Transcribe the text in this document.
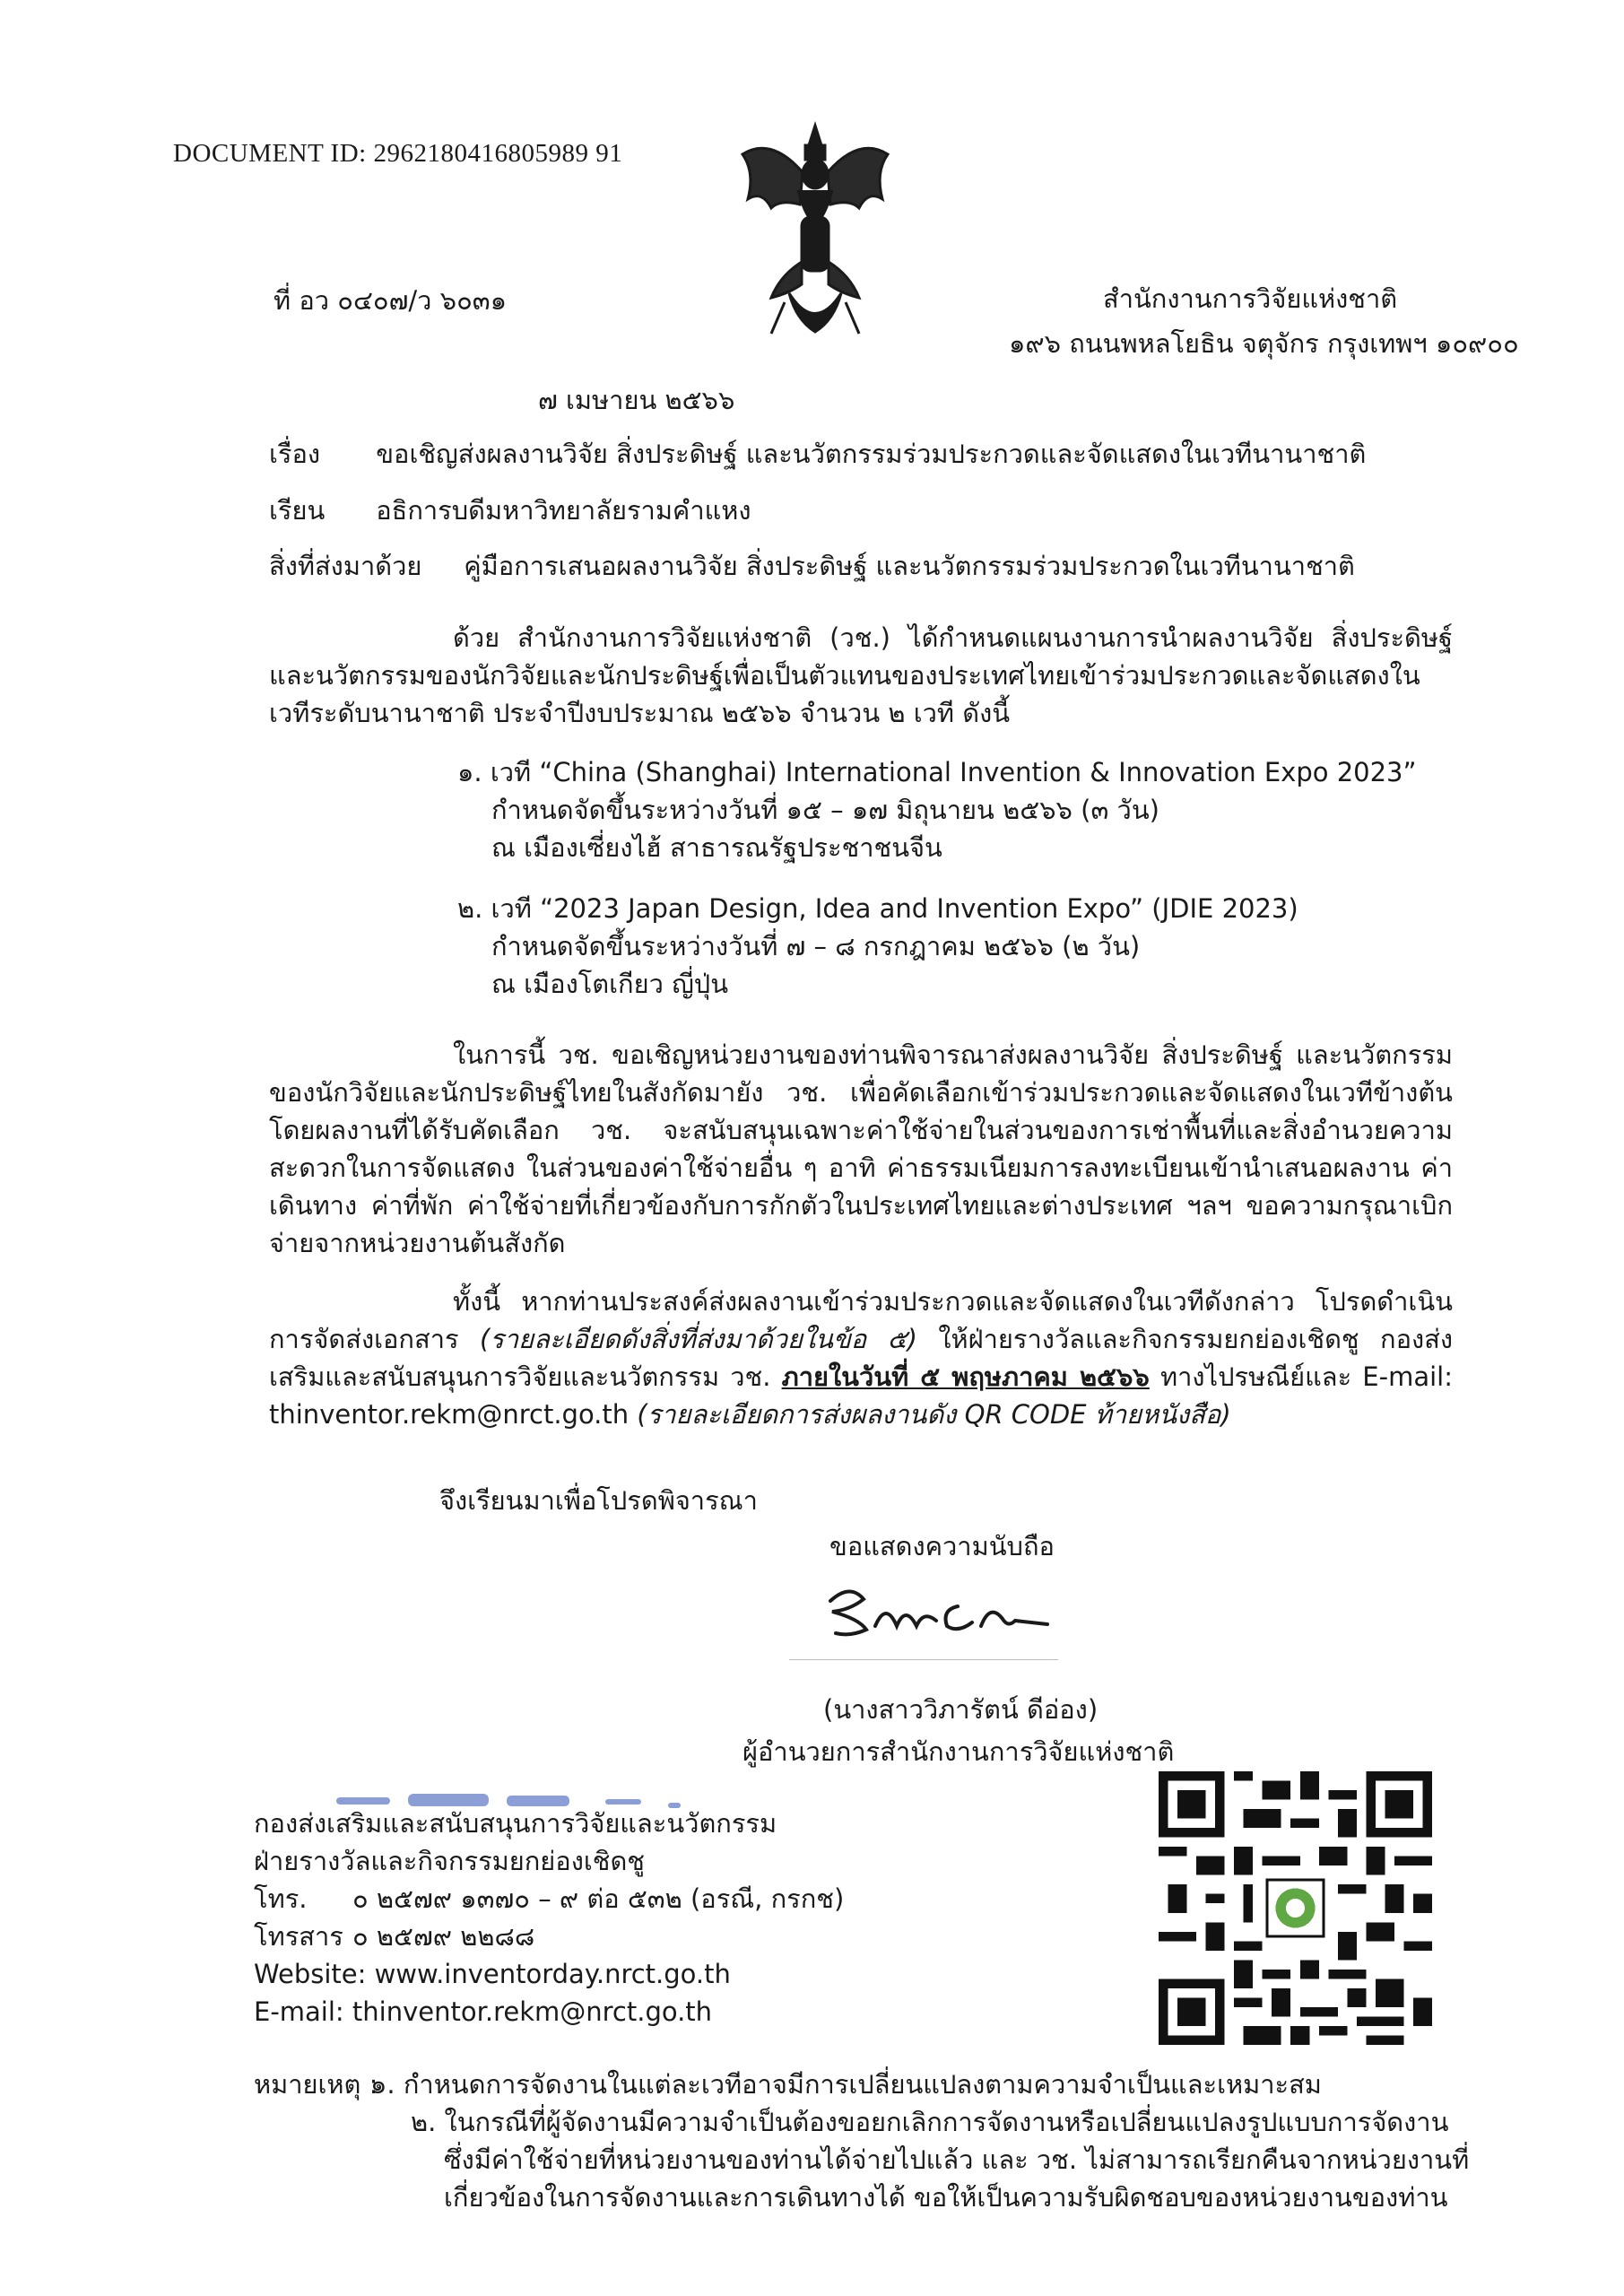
DOCUMENT ID: 2962180416805989 91
ที่ อว ๐๔๐๗/ว ๖๐๓๑	สำนักงานการวิจัยแห่งชาติ
๑๙๖ ถนนพหลโยธิน จตุจักร กรุงเทพฯ ๑๐๙๐๐
๗ เมษายน ๒๕๖๖
เรื่อง ขอเชิญส่งผลงานวิจัย สิ่งประดิษฐ์ และนวัตกรรมร่วมประกวดและจัดแสดงในเวทีนานาชาติ
เรียน อธิการบดีมหาวิทยาลัยรามคำแหง
สิ่งที่ส่งมาด้วย คู่มือการเสนอผลงานวิจัย สิ่งประดิษฐ์ และนวัตกรรมร่วมประกวดในเวทีนานาชาติ
ด้วย สำนักงานการวิจัยแห่งชาติ (วช.) ได้กำหนดแผนงานการนำผลงานวิจัย สิ่งประดิษฐ์ และนวัตกรรมของนักวิจัยและนักประดิษฐ์เพื่อเป็นตัวแทนของประเทศไทยเข้าร่วมประกวดและจัดแสดงในเวทีระดับนานาชาติ ประจำปีงบประมาณ ๒๕๖๖ จำนวน ๒ เวที ดังนี้
๑. เวที “China (Shanghai) International Invention & Innovation Expo 2023”
กำหนดจัดขึ้นระหว่างวันที่ ๑๕ – ๑๗ มิถุนายน ๒๕๖๖ (๓ วัน)
ณ เมืองเซี่ยงไฮ้ สาธารณรัฐประชาชนจีน
๒. เวที “2023 Japan Design, Idea and Invention Expo” (JDIE 2023)
กำหนดจัดขึ้นระหว่างวันที่ ๗ – ๘ กรกฎาคม ๒๕๖๖ (๒ วัน)
ณ เมืองโตเกียว ญี่ปุ่น
ในการนี้ วช. ขอเชิญหน่วยงานของท่านพิจารณาส่งผลงานวิจัย สิ่งประดิษฐ์ และนวัตกรรมของนักวิจัยและนักประดิษฐ์ไทยในสังกัดมายัง วช. เพื่อคัดเลือกเข้าร่วมประกวดและจัดแสดงในเวทีข้างต้น โดยผลงานที่ได้รับคัดเลือก วช. จะสนับสนุนเฉพาะค่าใช้จ่ายในส่วนของการเช่าพื้นที่และสิ่งอำนวยความสะดวกในการจัดแสดง ในส่วนของค่าใช้จ่ายอื่น ๆ อาทิ ค่าธรรมเนียมการลงทะเบียนเข้านำเสนอผลงาน ค่าเดินทาง ค่าที่พัก ค่าใช้จ่ายที่เกี่ยวข้องกับการกักตัวในประเทศไทยและต่างประเทศ ฯลฯ ขอความกรุณาเบิกจ่ายจากหน่วยงานต้นสังกัด
ทั้งนี้ หากท่านประสงค์ส่งผลงานเข้าร่วมประกวดและจัดแสดงในเวทีดังกล่าว โปรดดำเนินการจัดส่งเอกสาร (รายละเอียดดังสิ่งที่ส่งมาด้วยในข้อ ๕) ให้ฝ่ายรางวัลและกิจกรรมยกย่องเชิดชู กองส่งเสริมและสนับสนุนการวิจัยและนวัตกรรม วช. ภายในวันที่ ๕ พฤษภาคม ๒๕๖๖ ทางไปรษณีย์และ E-mail: thinventor.rekm@nrct.go.th (รายละเอียดการส่งผลงานดัง QR CODE ท้ายหนังสือ)
จึงเรียนมาเพื่อโปรดพิจารณา
ขอแสดงความนับถือ

(นางสาววิภารัตน์ ดีอ่อง)
ผู้อำนวยการสำนักงานการวิจัยแห่งชาติ
กองส่งเสริมและสนับสนุนการวิจัยและนวัตกรรม
ฝ่ายรางวัลและกิจกรรมยกย่องเชิดชู
โทร. ๐ ๒๕๗๙ ๑๓๗๐ – ๙ ต่อ ๕๓๒ (อรณี, กรกช)
โทรสาร ๐ ๒๕๗๙ ๒๒๘๘
Website: www.inventorday.nrct.go.th
E-mail: thinventor.rekm@nrct.go.th
หมายเหตุ :๑. กำหนดการจัดงานในแต่ละเวทีอาจมีการเปลี่ยนแปลงตามความจำเป็นและเหมาะสม
๒. ในกรณีที่ผู้จัดงานมีความจำเป็นต้องขอยกเลิกการจัดงานหรือเปลี่ยนแปลงรูปแบบการจัดงาน
ซึ่งมีค่าใช้จ่ายที่หน่วยงานของท่านได้จ่ายไปแล้ว และ วช. ไม่สามารถเรียกคืนจากหน่วยงานที่
เกี่ยวข้องในการจัดงานและการเดินทางได้ ขอให้เป็นความรับผิดชอบของหน่วยงานของท่าน
